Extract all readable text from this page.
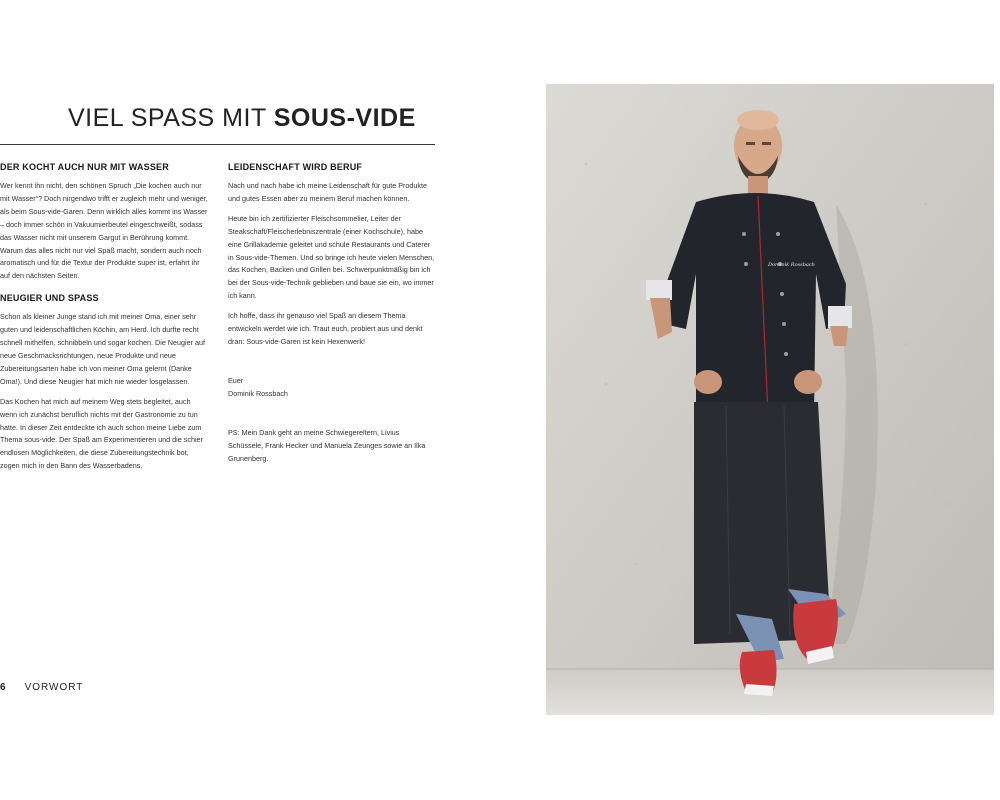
VIEL SPASS MIT SOUS-VIDE
DER KOCHT AUCH NUR MIT WASSER

Wer kennt ihn nicht, den schönen Spruch „Die kochen auch nur mit Wasser“? Doch nirgendwo trifft er zugleich mehr und weniger, als beim Sous-vide-Garen. Denn wirklich alles kommt ins Wasser – doch immer schön in Vakuumierbeutel eingeschweißt, sodass das Wasser nicht mit unserem Gargut in Berührung kommt. Warum das alles nicht nur viel Spaß macht, sondern auch noch aromatisch und für die Textur der Produkte super ist, erfahrt ihr auf den nächsten Seiten.

NEUGIER UND SPASS

Schon als kleiner Junge stand ich mit meiner Oma, einer sehr guten und leidenschaftlichen Köchin, am Herd. Ich durfte recht schnell mithelfen, schnibbeln und sogar kochen. Die Neugier auf neue Geschmacksrichtungen, neue Produkte und neue Zubereitungsarten habe ich von meiner Oma gelernt (Danke Oma!). Und diese Neugier hat mich nie wieder losgelassen.

Das Kochen hat mich auf meinem Weg stets begleitet, auch wenn ich zunächst beruflich nichts mit der Gastronomie zu tun hatte. In dieser Zeit entdeckte ich auch schon meine Liebe zum Thema sous-vide. Der Spaß am Experimentieren und die schier endlosen Möglichkeiten, die diese Zubereitungstechnik bot, zogen mich in den Bann des Wasserbadens.

LEIDENSCHAFT WIRD BERUF

Nach und nach habe ich meine Leidenschaft für gute Produkte und gutes Essen aber zu meinem Beruf machen können.

Heute bin ich zertifizierter Fleischsommelier, Leiter der Steakschaft/Fleischerlebniszentrale (einer Kochschule), habe eine Grillakademie geleitet und schule Restaurants und Caterer in Sous-vide-Themen. Und so bringe ich heute vielen Menschen, das Kochen, Backen und Grillen bei. Schwerpunktmäßig bin ich bei der Sous-vide-Technik geblieben und baue sie ein, wo immer ich kann.

Ich hoffe, dass ihr genauso viel Spaß an diesem Thema entwickeln werdet wie ich. Traut euch, probiert aus und denkt dran: Sous-vide-Garen ist kein Hexenwerk!

Euer
Dominik Rossbach

PS: Mein Dank geht an meine Schwiegereltern, Livius Schüssele, Frank Hecker und Manuela Zeunges sowie an Ilka Grunenberg.

6 VORWORT
Dominik Rossbach
